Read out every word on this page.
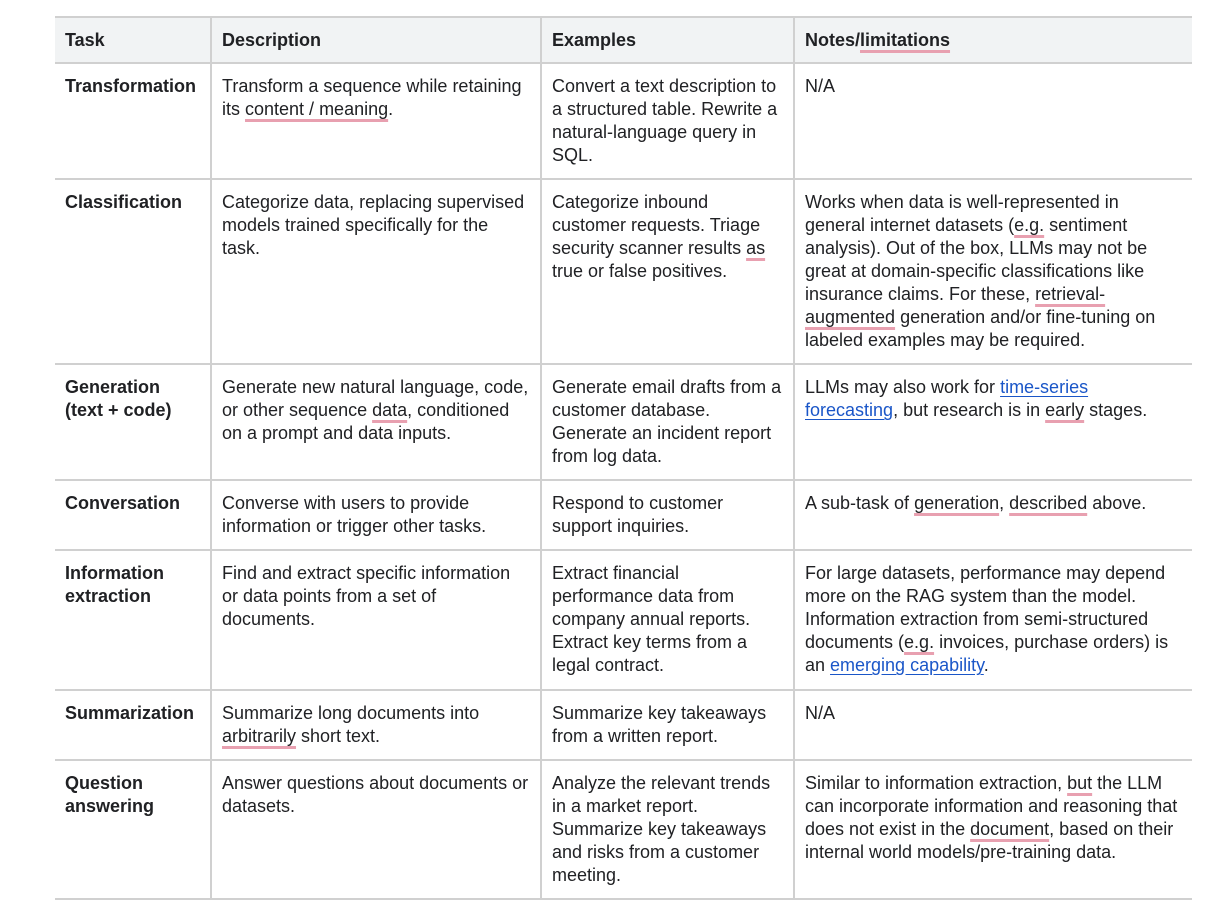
Task	Description	Examples	Notes/limitations
Transformation	Transform a sequence while retaining its content / meaning.	Convert a text description to a structured table. Rewrite a natural-language query in SQL.	N/A
Classification	Categorize data, replacing supervised models trained specifically for the task.	Categorize inbound customer requests. Triage security scanner results as true or false positives.	Works when data is well-represented in general internet datasets (e.g. sentiment analysis). Out of the box, LLMs may not be great at domain-specific classifications like insurance claims. For these, retrieval-augmented generation and/or fine-tuning on labeled examples may be required.
Generation (text + code)	Generate new natural language, code, or other sequence data, conditioned on a prompt and data inputs.	Generate email drafts from a customer database. Generate an incident report from log data.	LLMs may also work for time-series forecasting, but research is in early stages.
Conversation	Converse with users to provide information or trigger other tasks.	Respond to customer support inquiries.	A sub-task of generation, described above.
Information extraction	Find and extract specific information or data points from a set of documents.	Extract financial performance data from company annual reports. Extract key terms from a legal contract.	For large datasets, performance may depend more on the RAG system than the model. Information extraction from semi-structured documents (e.g. invoices, purchase orders) is an emerging capability.
Summarization	Summarize long documents into arbitrarily short text.	Summarize key takeaways from a written report.	N/A
Question answering	Answer questions about documents or datasets.	Analyze the relevant trends in a market report. Summarize key takeaways and risks from a customer meeting.	Similar to information extraction, but the LLM can incorporate information and reasoning that does not exist in the document, based on their internal world models/pre-training data.
